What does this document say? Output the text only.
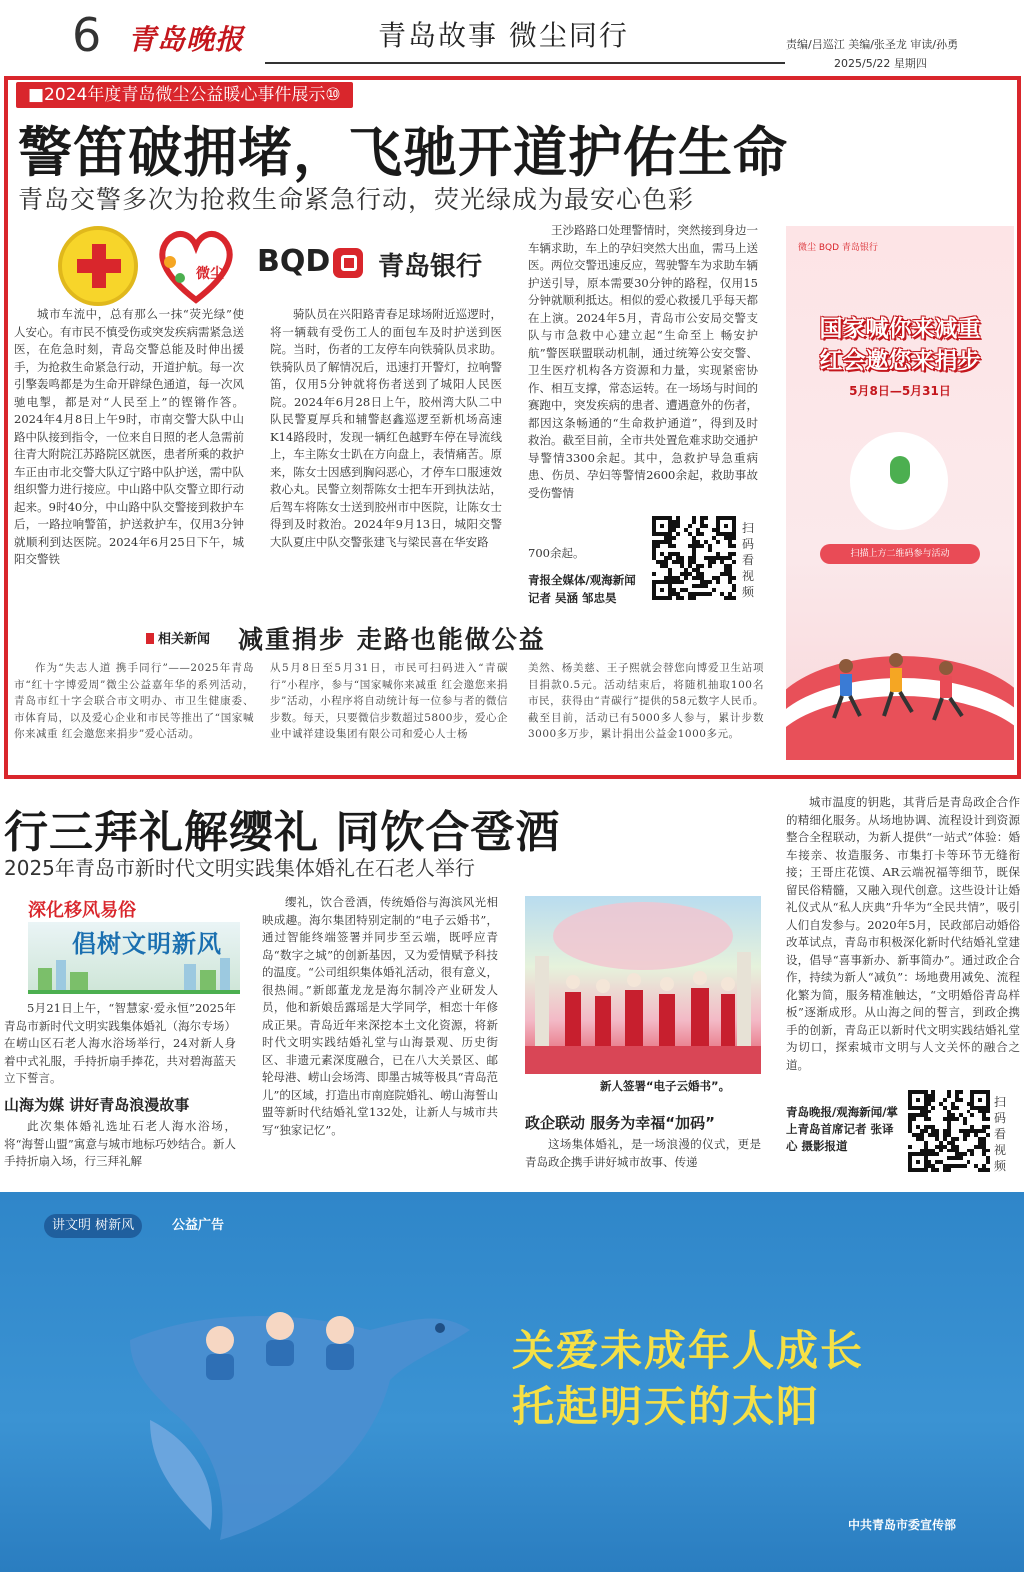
6 青岛晚报	青岛故事 微尘同行	责编/吕巡江 美编/张圣龙 审读/孙勇
2025/5/22 星期四
■2024年度青岛微尘公益暖心事件展示⑩
警笛破拥堵，飞驰开道护佑生命
青岛交警多次为抢救生命紧急行动，荧光绿成为最安心色彩
微尘 BQD 青岛银行
城市车流中，总有那么一抹“荧光绿”使人安心。有市民不慎受伤或突发疾病需紧急送医，在危急时刻，青岛交警总能及时伸出援手，为抢救生命紧急行动，开道护航。每一次引擎轰鸣都是为生命开辟绿色通道，每一次风驰电掣，都是对“人民至上”的铿锵作答。2024年4月8日上午9时，市南交警大队中山路中队接到指令，一位来自日照的老人急需前往青大附院江苏路院区就医，患者所乘的救护车正由市北交警大队辽宁路中队护送，需中队组织警力进行接应。中山路中队交警立即行动起来。9时40分，中山路中队交警接到救护车后，一路拉响警笛，护送救护车，仅用3分钟就顺利到达医院。2024年6月25日下午，城阳交警铁
骑队员在兴阳路青春足球场附近巡逻时，将一辆载有受伤工人的面包车及时护送到医院。当时，伤者的工友停车向铁骑队员求助。铁骑队员了解情况后，迅速打开警灯，拉响警笛，仅用5分钟就将伤者送到了城阳人民医院。2024年6月28日上午，胶州湾大队二中队民警夏厚兵和辅警赵鑫巡逻至新机场高速K14路段时，发现一辆红色越野车停在导流线上，车主陈女士趴在方向盘上，表情痛苦。原来，陈女士因感到胸闷恶心，才停车口服速效救心丸。民警立刻帮陈女士把车开到执法站，后驾车将陈女士送到胶州市中医院，让陈女士得到及时救治。2024年9月13日，城阳交警大队夏庄中队交警张建飞与梁民喜在华安路
王沙路路口处理警情时，突然接到身边一车辆求助，车上的孕妇突然大出血，需马上送医。两位交警迅速反应，驾驶警车为求助车辆护送引导，原本需要30分钟的路程，仅用15分钟就顺利抵达。相似的爱心救援几乎每天都在上演。2024年5月，青岛市公安局交警支队与市急救中心建立起“生命至上 畅安护航”警医联盟联动机制，通过统筹公安交警、卫生医疗机构各方资源和力量，实现紧密协作、相互支撑，常态运转。在一场场与时间的赛跑中，突发疾病的患者、遭遇意外的伤者，都因这条畅通的“生命救护通道”，得到及时救治。截至目前，全市共处置危难求助交通护导警情3300余起。其中，急救护导急重病患、伤员、孕妇等警情2600余起，救助事故受伤警情
700余起。
青报全媒体/观海新闻记者 吴涵 邹忠昊
扫码看视频
微尘 BQD 青岛银行
国家喊你来减重
红会邀您来捐步
5月8日—5月31日
扫描上方二维码参与活动
相关新闻 减重捐步 走路也能做公益
作为“失志人道 携手同行”——2025年青岛市“红十字博爱周”微尘公益嘉年华的系列活动，青岛市红十字会联合市文明办、市卫生健康委、市体育局，以及爱心企业和市民等推出了“国家喊你来减重 红会邀您来捐步”爱心活动。
从5月8日至5月31日，市民可扫码进入“青碳行”小程序，参与“国家喊你来减重 红会邀您来捐步”活动，小程序将自动统计每一位参与者的微信步数。每天，只要微信步数超过5800步，爱心企业中诚祥建设集团有限公司和爱心人士杨
美然、杨美慈、王子熙就会替您向博爱卫生站项目捐款0.5元。活动结束后，将随机抽取100名市民，获得由“青碳行”提供的58元数字人民币。截至目前，活动已有5000多人参与，累计步数3000多万步，累计捐出公益金1000多元。
行三拜礼解缨礼 同饮合卺酒
2025年青岛市新时代文明实践集体婚礼在石老人举行
深化移风易俗
倡树文明新风
5月21日上午，“智慧家·爱永恒”2025年青岛市新时代文明实践集体婚礼（海尔专场）在崂山区石老人海水浴场举行，24对新人身着中式礼服，手持折扇手捧花，共对碧海蓝天立下誓言。
山海为媒 讲好青岛浪漫故事
此次集体婚礼选址石老人海水浴场，将“海誓山盟”寓意与城市地标巧妙结合。新人手持折扇入场，行三拜礼解
缨礼，饮合卺酒，传统婚俗与海滨风光相映成趣。海尔集团特别定制的“电子云婚书”，通过智能终端签署并同步至云端，既呼应青岛“数字之城”的创新基因，又为爱情赋予科技的温度。“公司组织集体婚礼活动，很有意义，很热闹。”新郎董龙龙是海尔制冷产业研发人员，他和新娘岳露瑶是大学同学，相恋十年修成正果。青岛近年来深挖本土文化资源，将新时代文明实践结婚礼堂与山海景观、历史街区、非遗元素深度融合，已在八大关景区、邮轮母港、崂山会场湾、即墨古城等极具“青岛范儿”的区域，打造出市南庭院婚礼、崂山海誓山盟等新时代结婚礼堂132处，让新人与城市共写“独家记忆”。
新人签署“电子云婚书”。
政企联动 服务为幸福“加码”
这场集体婚礼，是一场浪漫的仪式，更是青岛政企携手讲好城市故事、传递

城市温度的钥匙，其背后是青岛政企合作的精细化服务。从场地协调、流程设计到资源整合全程联动，为新人提供“一站式”体验：婚车接亲、妆造服务、市集打卡等环节无缝衔接；王哥庄花馍、AR云端祝福等细节，既保留民俗精髓，又融入现代创意。这些设计让婚礼仪式从“私人庆典”升华为“全民共情”，吸引人们自发参与。2020年5月，民政部启动婚俗改革试点，青岛市积极深化新时代结婚礼堂建设，倡导“喜事新办、新事简办”。通过政企合作，持续为新人“减负”：场地费用减免、流程化繁为简，服务精准触达，“文明婚俗青岛样板”逐渐成形。从山海之间的誓言，到政企携手的创新，青岛正以新时代文明实践结婚礼堂为切口，探索城市文明与人文关怀的融合之道。

青岛晚报/观海新闻/掌上青岛首席记者 张译心 摄影报道
扫码看视频
讲文明 树新风	公益广告
关爱未成年人成长
托起明天的太阳
中共青岛市委宣传部
